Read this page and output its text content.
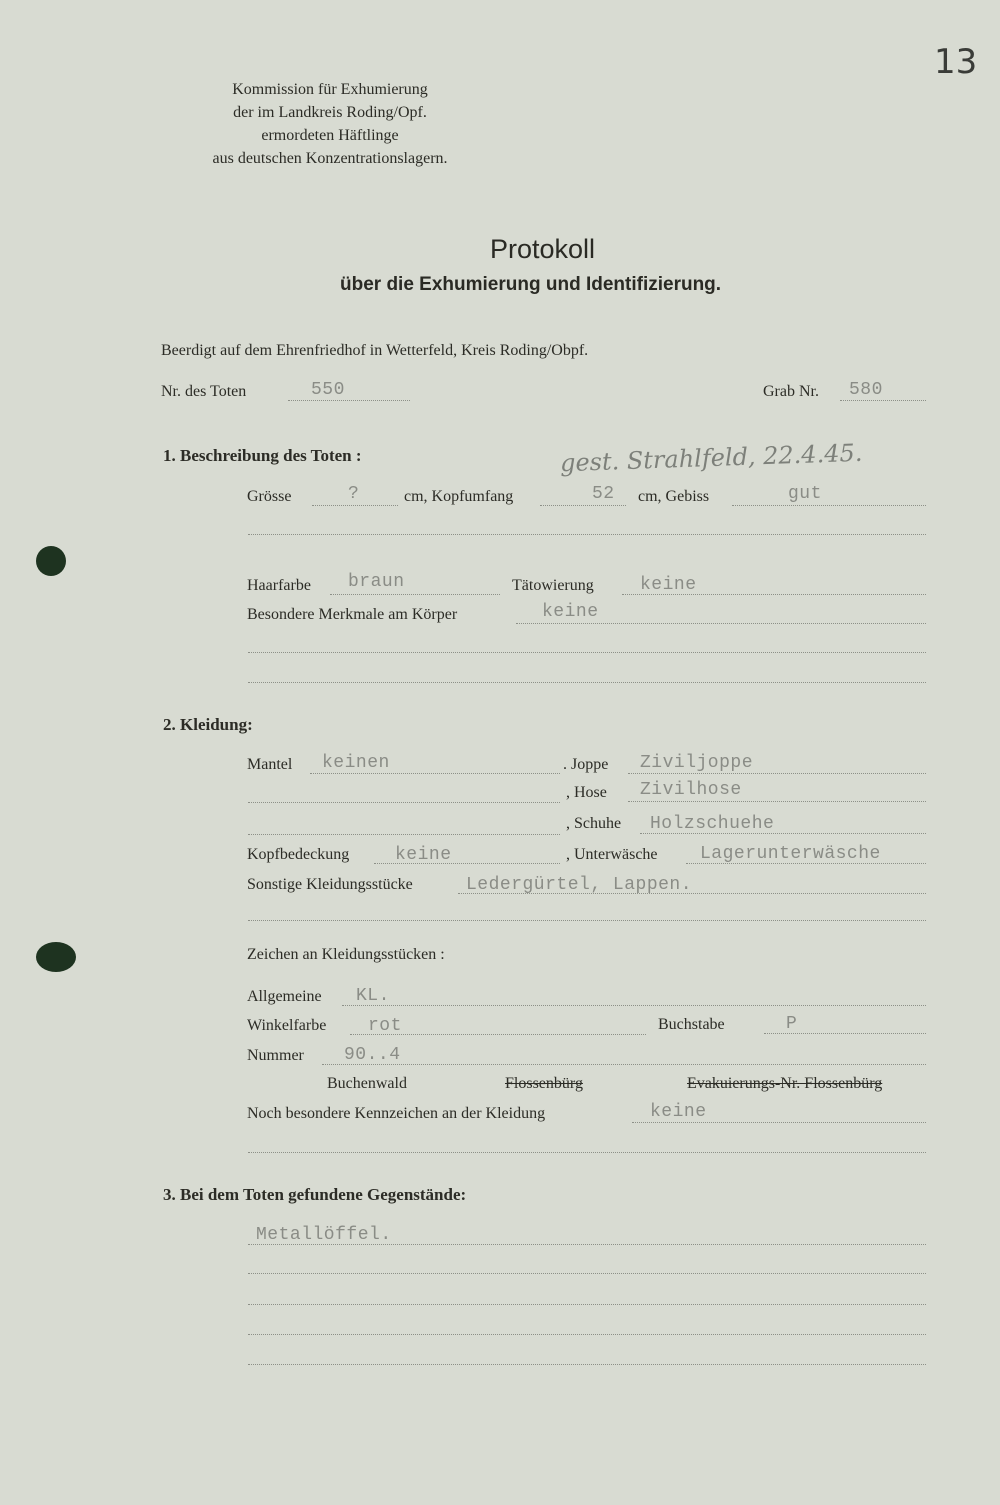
13
Kommission für Exhumierung
der im Landkreis Roding/Opf.
ermordeten Häftlinge
aus deutschen Konzentrationslagern.
Protokoll
über die Exhumierung und Identifizierung.
Beerdigt auf dem Ehrenfriedhof in Wetterfeld, Kreis Roding/Obpf.
Nr. des Toten	550	Grab Nr. 580
1. Beschreibung des Toten :	gest. Strahlfeld, 22.4.45.
Grösse	?	cm, Kopfumfang	52 cm, Gebiss	gut
Haarfarbe braun	Tätowierung	keine
Besondere Merkmale am Körper	keine
2. Kleidung:
Mantel keinen	. Joppe Ziviljoppe
, Hose Zivilhose
, Schuhe Holzschuehe
Kopfbedeckung	keine	, Unterwäsche Lagerunterwäsche
Sonstige Kleidungsstücke	Ledergürtel, Lappen.
Zeichen an Kleidungsstücken :
Allgemeine KL.
Winkelfarbe rot	Buchstabe	P
Nummer 90..4
Buchenwald	Flossenbürg	Evakuierungs-Nr. Flossenbürg
Noch besondere Kennzeichen an der Kleidung	keine
3. Bei dem Toten gefundene Gegenstände:
Metallöffel.
